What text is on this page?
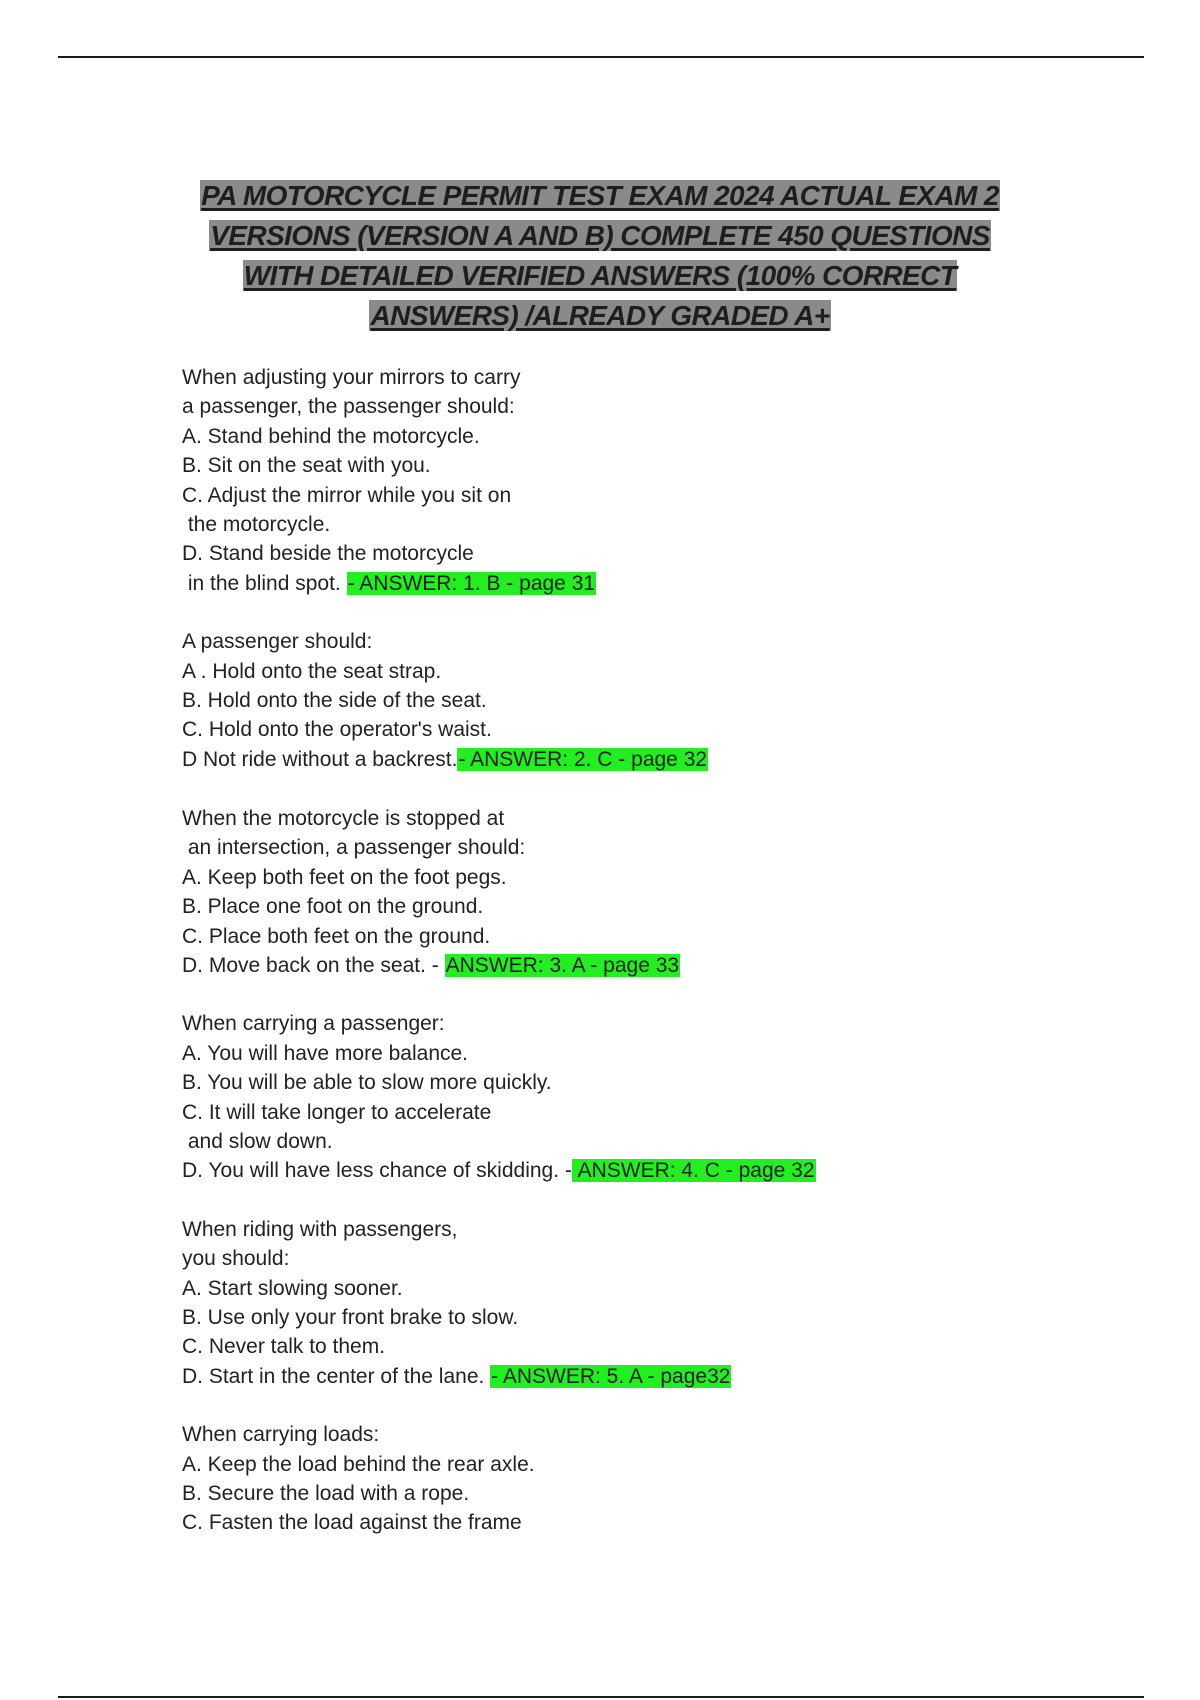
PA MOTORCYCLE PERMIT TEST EXAM 2024 ACTUAL EXAM 2
VERSIONS (VERSION A AND B) COMPLETE 450 QUESTIONS
WITH DETAILED VERIFIED ANSWERS (100% CORRECT
ANSWERS) /ALREADY GRADED A+
When adjusting your mirrors to carry
a passenger, the passenger should:
A. Stand behind the motorcycle.
B. Sit on the seat with you.
C. Adjust the mirror while you sit on
the motorcycle.
D. Stand beside the motorcycle
in the blind spot. - ANSWER: 1. B - page 31
A passenger should:
A . Hold onto the seat strap.
B. Hold onto the side of the seat.
C. Hold onto the operator's waist.
D Not ride without a backrest.- ANSWER: 2. C - page 32
When the motorcycle is stopped at
an intersection, a passenger should:
A. Keep both feet on the foot pegs.
B. Place one foot on the ground.
C. Place both feet on the ground.
D. Move back on the seat. - ANSWER: 3. A - page 33
When carrying a passenger:
A. You will have more balance.
B. You will be able to slow more quickly.
C. It will take longer to accelerate
and slow down.
D. You will have less chance of skidding. - ANSWER: 4. C - page 32
When riding with passengers,
you should:
A. Start slowing sooner.
B. Use only your front brake to slow.
C. Never talk to them.
D. Start in the center of the lane. - ANSWER: 5. A - page32
When carrying loads:
A. Keep the load behind the rear axle.
B. Secure the load with a rope.
C. Fasten the load against the frame
